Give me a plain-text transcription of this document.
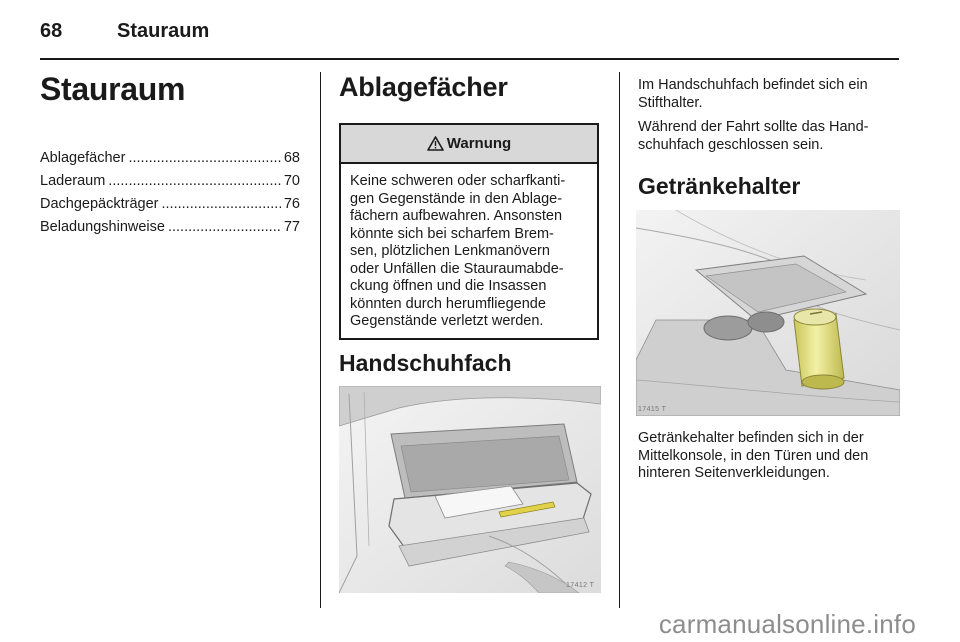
68	Stauraum
Stauraum
Ablagefächer .....	68
Laderaum .....	70
Dachgepäckträger .....	76
Beladungshinweise .....	77
Ablagefächer
Warnung
Keine schweren oder scharfkanti-
gen Gegenstände in den Ablage-
fächern aufbewahren. Ansonsten
könnte sich bei scharfem Brem-
sen, plötzlichen Lenkmanövern
oder Unfällen die Stauraumabde-
ckung öffnen und die Insassen
könnten durch herumfliegende
Gegenstände verletzt werden.
Handschuhfach
17412 T
Im Handschuhfach befindet sich ein
Stifthalter.
Während der Fahrt sollte das Hand-
schuhfach geschlossen sein.
Getränkehalter
17415 T
Getränkehalter befinden sich in der
Mittelkonsole, in den Türen und den
hinteren Seitenverkleidungen.
carmanualsonline.info
